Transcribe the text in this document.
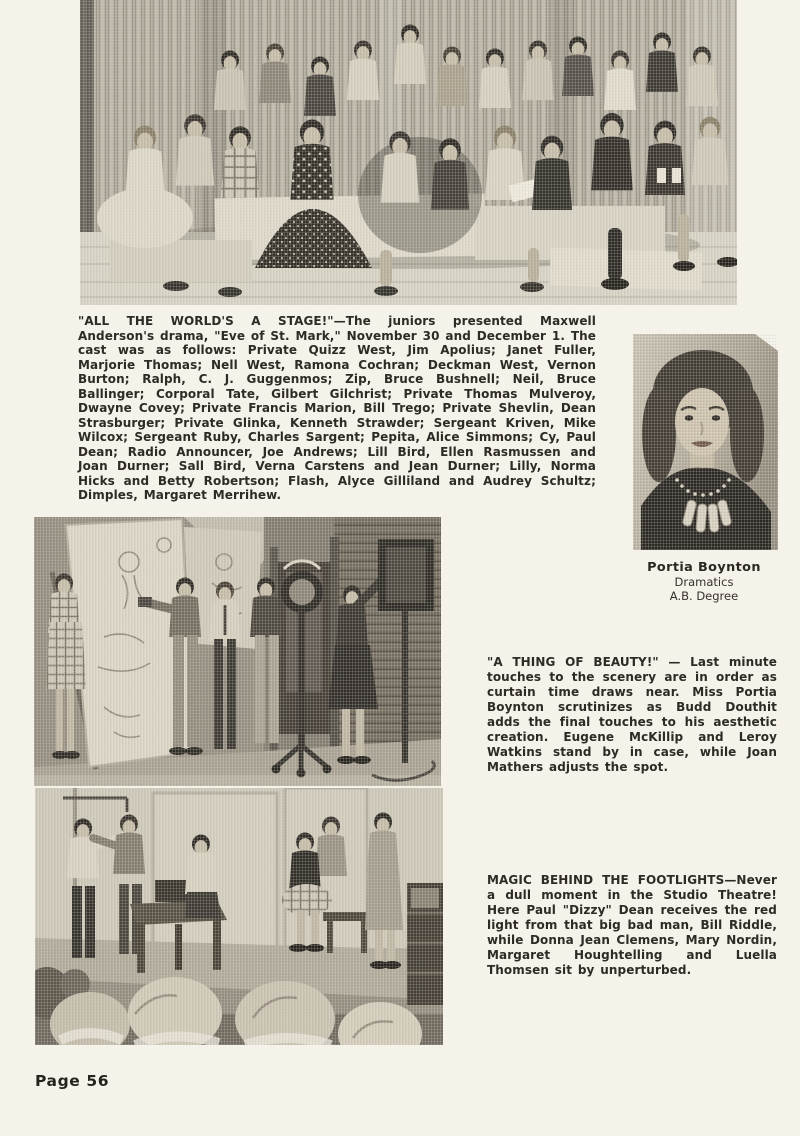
"ALL THE WORLD'S A STAGE!"—The juniors presented Maxwell Anderson's drama, "Eve of St. Mark," November 30 and December 1. The cast was as follows: Private Quizz West, Jim Apolius; Janet Fuller, Marjorie Thomas; Nell West, Ramona Cochran; Deckman West, Vernon Burton; Ralph, C. J. Guggenmos; Zip, Bruce Bushnell; Neil, Bruce Ballinger; Corporal Tate, Gilbert Gilchrist; Private Thomas Mulveroy, Dwayne Covey; Private Francis Marion, Bill Trego; Private Shevlin, Dean Strasburger; Private Glinka, Kenneth Strawder; Sergeant Kriven, Mike Wilcox; Sergeant Ruby, Charles Sargent; Pepita, Alice Simmons; Cy, Paul Dean; Radio Announcer, Joe Andrews; Lill Bird, Ellen Rasmussen and Joan Durner; Sall Bird, Verna Carstens and Jean Durner; Lilly, Norma Hicks and Betty Robertson; Flash, Alyce Gilliland and Audrey Schultz; Dimples, Margaret Merrihew.
Portia Boynton
Dramatics
A.B. Degree
"A THING OF BEAUTY!" — Last minute touches to the scenery are in order as curtain time draws near. Miss Portia Boynton scrutinizes as Budd Douthit adds the final touches to his aesthetic creation. Eugene McKillip and Leroy Watkins stand by in case, while Joan Mathers adjusts the spot.
MAGIC BEHIND THE FOOTLIGHTS—Never a dull moment in the Studio Theatre! Here Paul "Dizzy" Dean receives the red light from that big bad man, Bill Riddle, while Donna Jean Clemens, Mary Nordin, Margaret Houghtelling and Luella Thomsen sit by unperturbed.
Page 56
